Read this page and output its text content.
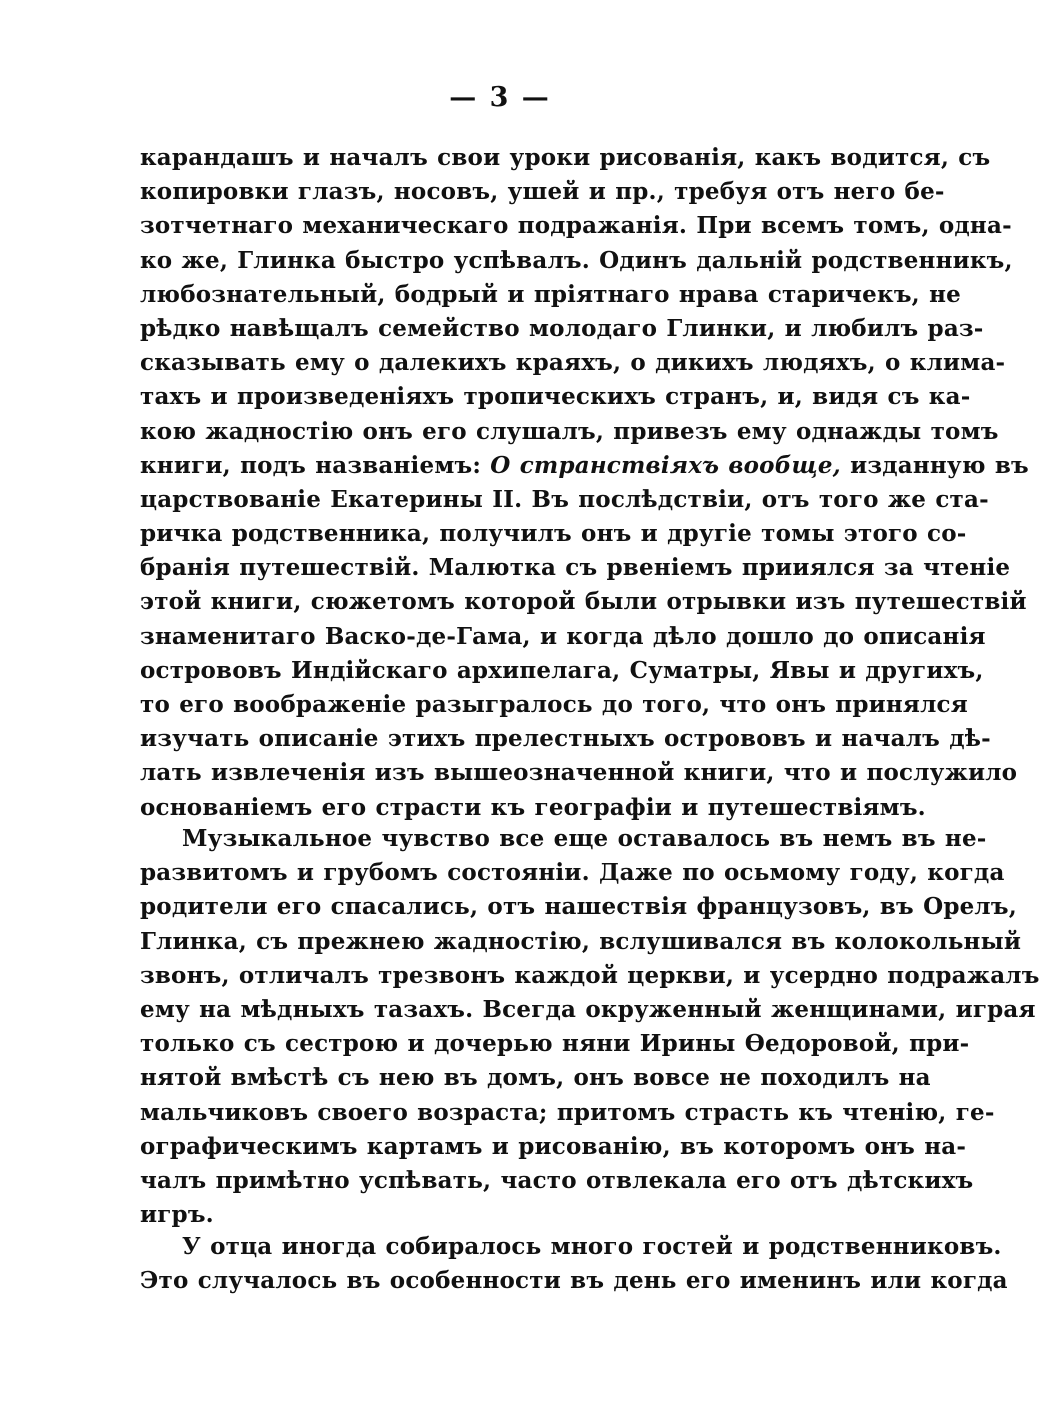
— 3 —

карандашъ и началъ свои уроки рисованія, какъ водится, съ
копировки глазъ, носовъ, ушей и пр., требуя отъ него бе-
зотчетнаго механическаго подражанія. При всемъ томъ, одна-
ко же, Глинка быстро успѣвалъ. Одинъ дальній родственникъ,
любознательный, бодрый и пріятнаго нрава старичекъ, не
рѣдко навѣщалъ семейство молодаго Глинки, и любилъ раз-
сказывать ему о далекихъ краяхъ, о дикихъ людяхъ, о клима-
тахъ и произведеніяхъ тропическихъ странъ, и, видя съ ка-
кою жадностію онъ его слушалъ, привезъ ему однажды томъ
книги, подъ названіемъ: О странствіяхъ вообще, изданную въ
царствованіе Екатерины II. Въ послѣдствіи, отъ того же ста-
ричка родственника, получилъ онъ и другіе томы этого со-
бранія путешествій. Малютка съ рвеніемъ прииялся за чтеніе
этой книги, сюжетомъ которой были отрывки изъ путешествій
знаменитаго Васко-де-Гама, и когда дѣло дошло до описанія
острововъ Индійскаго архипелага, Суматры, Явы и другихъ,
то его воображеніе разыгралось до того, что онъ принялся
изучать описаніе этихъ прелестныхъ острововъ и началъ дѣ-
лать извлеченія изъ вышеозначенной книги, что и послужило
основаніемъ его страсти къ географіи и путешествіямъ.

Музыкальное чувство все еще оставалось въ немъ въ не-
развитомъ и грубомъ состояніи. Даже по осьмому году, когда
родители его спасались, отъ нашествія французовъ, въ Орелъ,
Глинка, съ прежнею жадностію, вслушивался въ колокольный
звонъ, отличалъ трезвонъ каждой церкви, и усердно подражалъ
ему на мѣдныхъ тазахъ. Всегда окруженный женщинами, играя
только съ сестрою и дочерью няни Ирины Ѳедоровой, при-
нятой вмѣстѣ съ нею въ домъ, онъ вовсе не походилъ на
мальчиковъ своего возраста; притомъ страсть къ чтенію, ге-
ографическимъ картамъ и рисованію, въ которомъ онъ на-
чалъ примѣтно успѣвать, часто отвлекала его отъ дѣтскихъ
игръ.

У отца иногда собиралось много гостей и родственниковъ.
Это случалось въ особенности въ день его именинъ или когда
